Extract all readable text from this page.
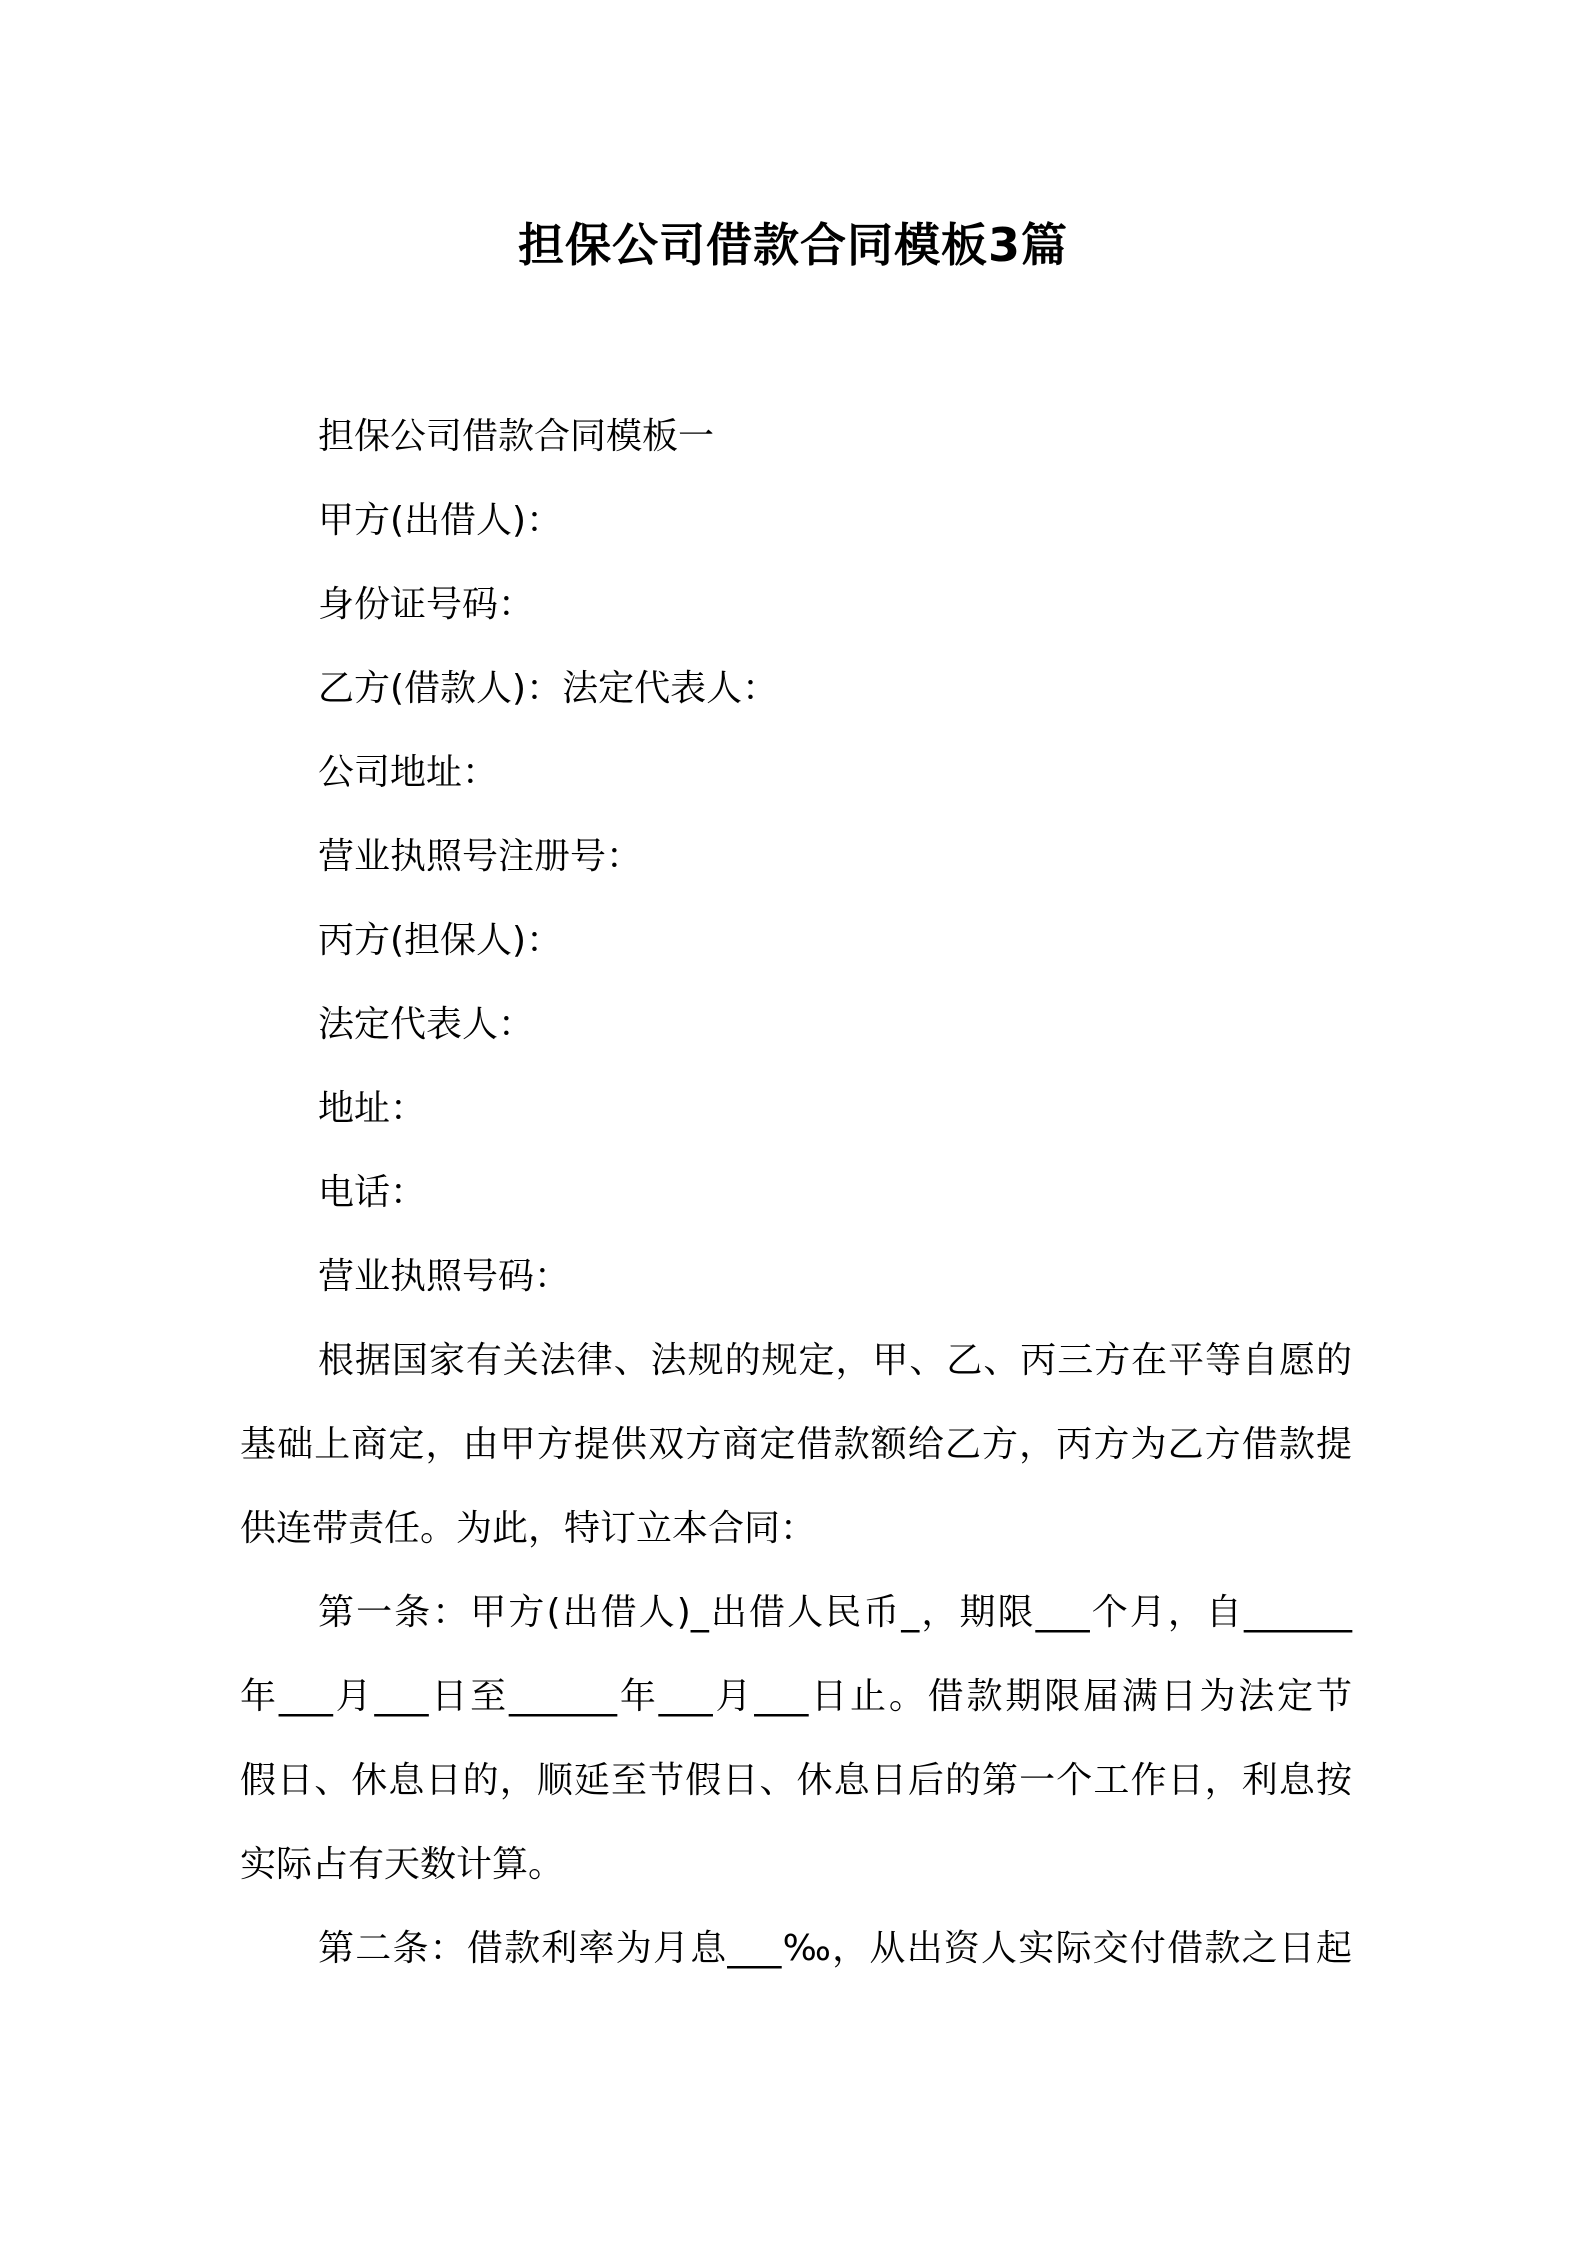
担保公司借款合同模板3篇
担保公司借款合同模板一
甲方(出借人)：
身份证号码：
乙方(借款人)：法定代表人：
公司地址：
营业执照号注册号：
丙方(担保人)：
法定代表人：
地址：
电话：
营业执照号码：
根据国家有关法律、法规的规定，甲、乙、丙三方在平等自愿的
基础上商定，由甲方提供双方商定借款额给乙方，丙方为乙方借款提
供连带责任。为此，特订立本合同：
第一条：甲方(出借人)_出借人民币_，期限___个月，自______
年___月___日至______年___月___日止。借款期限届满日为法定节
假日、休息日的，顺延至节假日、休息日后的第一个工作日，利息按
实际占有天数计算。
第二条：借款利率为月息___‰，从出资人实际交付借款之日起
